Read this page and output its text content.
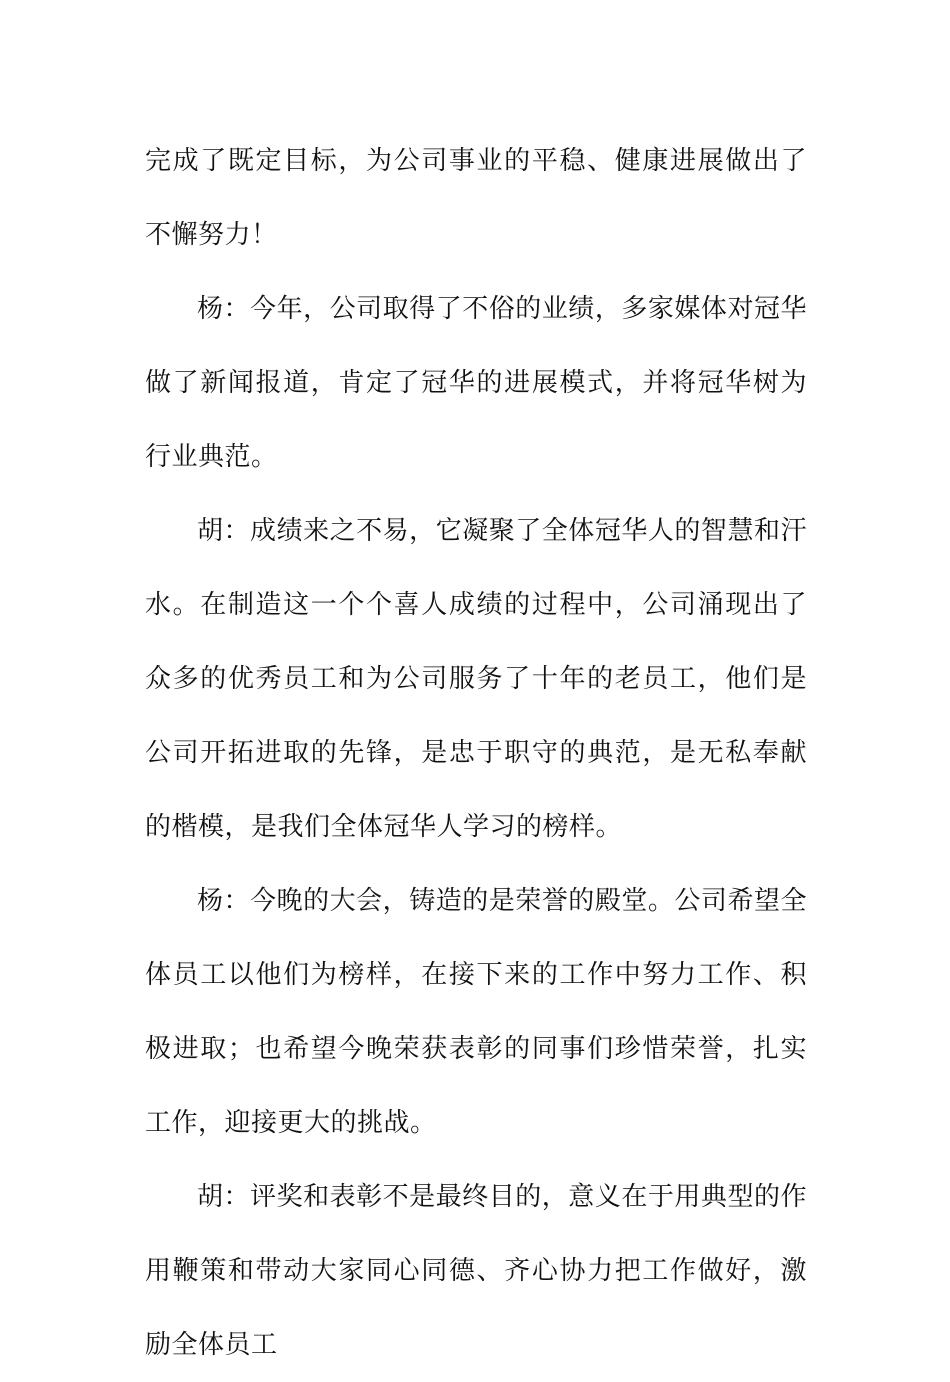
完成了既定目标，为公司事业的平稳、健康进展做出了不懈努力！

杨：今年，公司取得了不俗的业绩，多家媒体对冠华做了新闻报道，肯定了冠华的进展模式，并将冠华树为行业典范。

胡：成绩来之不易，它凝聚了全体冠华人的智慧和汗水。在制造这一个个喜人成绩的过程中，公司涌现出了众多的优秀员工和为公司服务了十年的老员工，他们是公司开拓进取的先锋，是忠于职守的典范，是无私奉献的楷模，是我们全体冠华人学习的榜样。

杨：今晚的大会，铸造的是荣誉的殿堂。公司希望全体员工以他们为榜样，在接下来的工作中努力工作、积极进取；也希望今晚荣获表彰的同事们珍惜荣誉，扎实工作，迎接更大的挑战。

胡：评奖和表彰不是最终目的，意义在于用典型的作用鞭策和带动大家同心同德、齐心协力把工作做好，激励全体员工
